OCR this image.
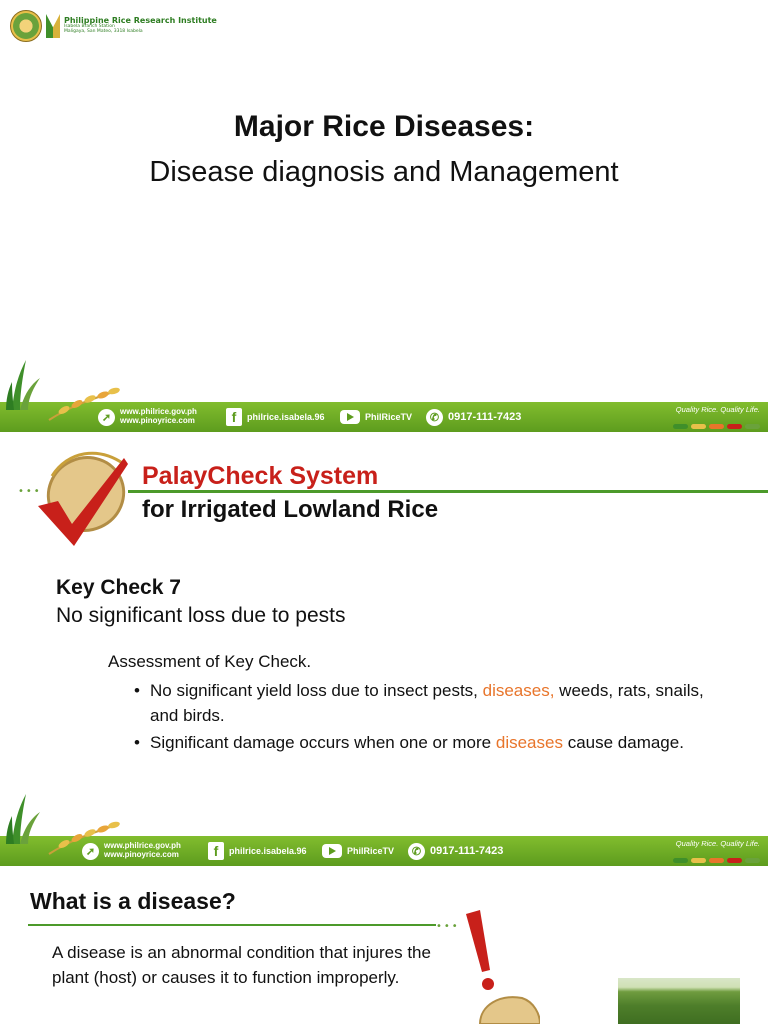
Philippine Rice Research Institute
Isabela Branch Station
Maligaya, San Mateo, 3318 Isabela
Major Rice Diseases:
Disease diagnosis and Management
➚	www.philrice.gov.ph
www.pinoyrice.com	f	philrice.isabela.96	PhilRiceTV	✆ 0917-111-7423
Quality Rice. Quality Life.
•••
PalayCheck System
for Irrigated Lowland Rice
Key Check 7
No significant loss due to pests
Assessment of Key Check.
• No significant yield loss due to insect pests, diseases, weeds, rats, snails, and birds.
• Significant damage occurs when one or more diseases cause damage.
➚	www.philrice.gov.ph
www.pinoyrice.com	f	philrice.isabela.96	PhilRiceTV	✆ 0917-111-7423
Quality Rice. Quality Life.
What is a disease?
•••
A disease is an abnormal condition that injures the plant (host) or causes it to function improperly.
